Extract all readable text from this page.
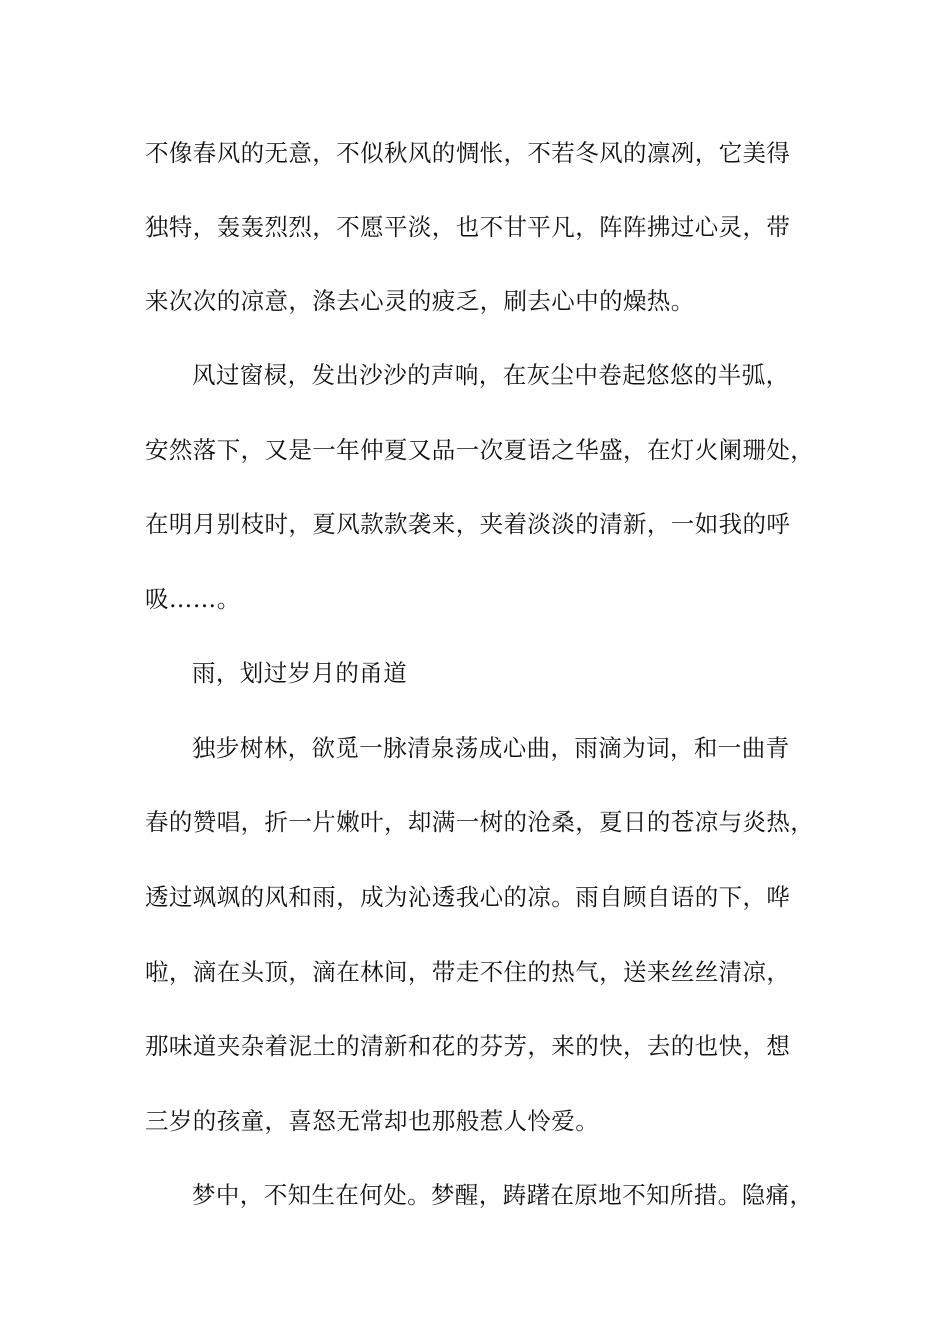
不像春风的无意，不似秋风的惆怅，不若冬风的凛冽，它美得
独特，轰轰烈烈，不愿平淡，也不甘平凡，阵阵拂过心灵，带
来次次的凉意，涤去心灵的疲乏，刷去心中的燥热。
风过窗棂，发出沙沙的声响，在灰尘中卷起悠悠的半弧，
安然落下，又是一年仲夏又品一次夏语之华盛，在灯火阑珊处，
在明月别枝时，夏风款款袭来，夹着淡淡的清新，一如我的呼
吸……。
雨，划过岁月的甬道
独步树林，欲觅一脉清泉荡成心曲，雨滴为词，和一曲青
春的赞唱，折一片嫩叶，却满一树的沧桑，夏日的苍凉与炎热，
透过飒飒的风和雨，成为沁透我心的凉。雨自顾自语的下，哗
啦，滴在头顶，滴在林间，带走不住的热气，送来丝丝清凉，
那味道夹杂着泥土的清新和花的芬芳，来的快，去的也快，想
三岁的孩童，喜怒无常却也那般惹人怜爱。
梦中，不知生在何处。梦醒，踌躇在原地不知所措。隐痛，
